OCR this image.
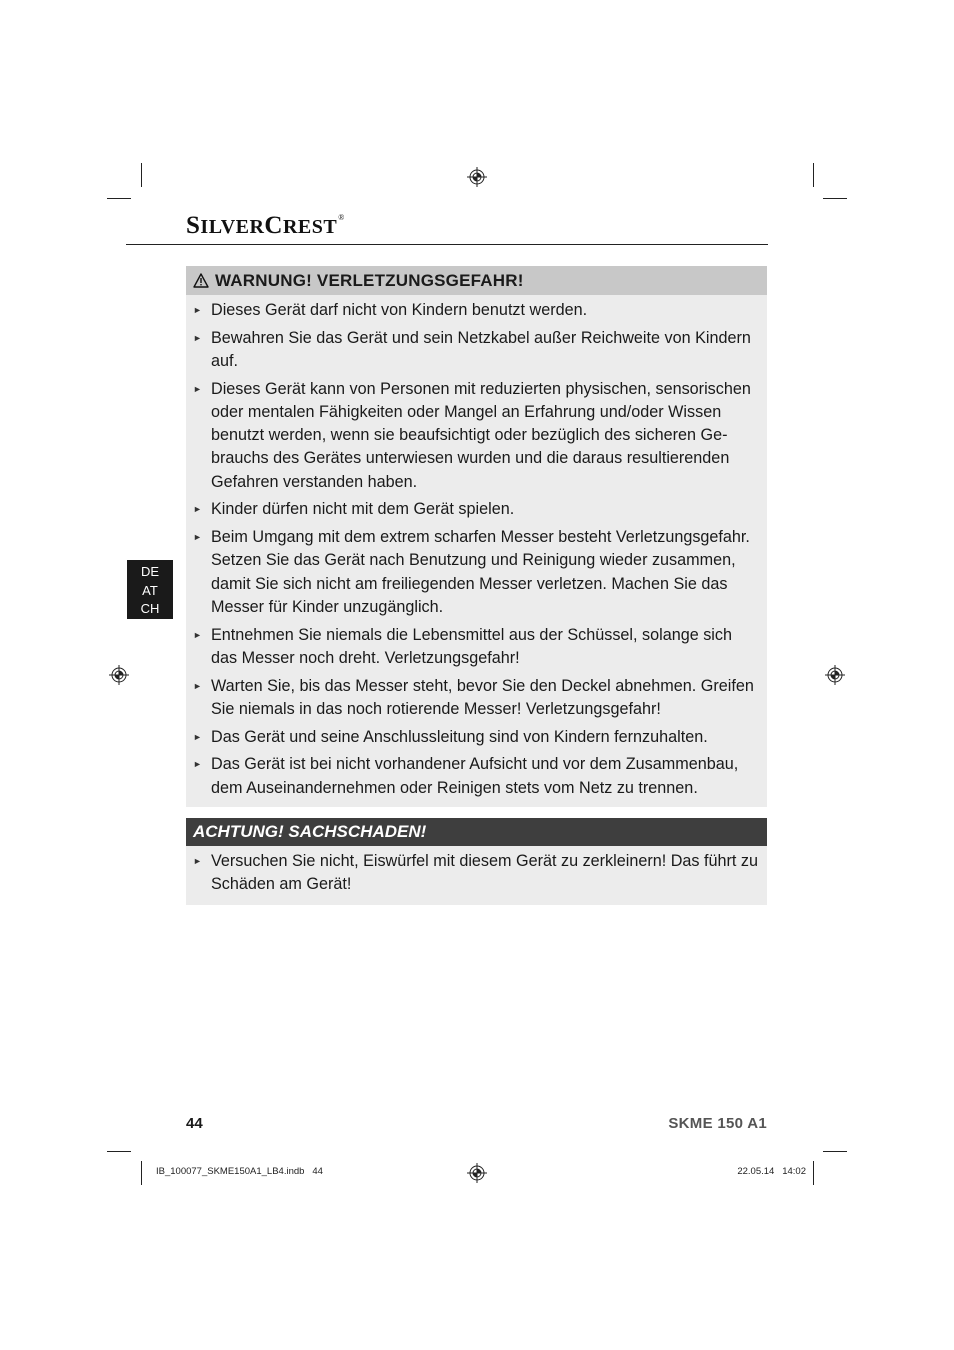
SILVERCREST®
DE
AT
CH
WARNUNG! VERLETZUNGSGEFAHR!
► Dieses Gerät darf nicht von Kindern benutzt werden.
► Bewahren Sie das Gerät und sein Netzkabel außer Reichweite von Kindern auf.
► Dieses Gerät kann von Personen mit reduzierten physischen, sensorischen oder mentalen Fähigkeiten oder Mangel an Erfahrung und/oder Wissen benutzt werden, wenn sie beaufsichtigt oder bezüglich des sicheren Ge-brauchs des Gerätes unterwiesen wurden und die daraus resultierenden Gefahren verstanden haben.
► Kinder dürfen nicht mit dem Gerät spielen.
► Beim Umgang mit dem extrem scharfen Messer besteht Verletzungsgefahr. Setzen Sie das Gerät nach Benutzung und Reinigung wieder zusammen, damit Sie sich nicht am freiliegenden Messer verletzen. Machen Sie das Messer für Kinder unzugänglich.
► Entnehmen Sie niemals die Lebensmittel aus der Schüssel, solange sich das Messer noch dreht. Verletzungsgefahr!
► Warten Sie, bis das Messer steht, bevor Sie den Deckel abnehmen. Greifen Sie niemals in das noch rotierende Messer! Verletzungsgefahr!
► Das Gerät und seine Anschlussleitung sind von Kindern fernzuhalten.
► Das Gerät ist bei nicht vorhandener Aufsicht und vor dem Zusammenbau, dem Auseinandernehmen oder Reinigen stets vom Netz zu trennen.
ACHTUNG! SACHSCHADEN!
► Versuchen Sie nicht, Eiswürfel mit diesem Gerät zu zerkleinern! Das führt zu Schäden am Gerät!
44	SKME 150 A1
IB_100077_SKME150A1_LB4.indb   44	22.05.14   14:02
